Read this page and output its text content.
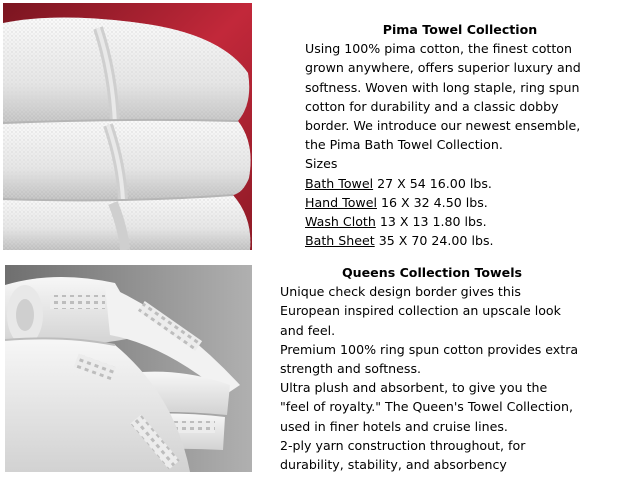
Pima Towel Collection
Using 100% pima cotton, the finest cotton
grown anywhere, offers superior luxury and
softness. Woven with long staple, ring spun
cotton for durability and a classic dobby
border. We introduce our newest ensemble,
the Pima Bath Towel Collection.
Sizes
Bath Towel 27 X 54 16.00 lbs.
Hand Towel 16 X 32 4.50 lbs.
Wash Cloth 13 X 13 1.80 lbs.
Bath Sheet 35 X 70 24.00 lbs.
Queens Collection Towels
Unique check design border gives this
European inspired collection an upscale look
and feel.
Premium 100% ring spun cotton provides extra
strength and softness.
Ultra plush and absorbent, to give you the
"feel of royalty." The Queen's Towel Collection,
used in finer hotels and cruise lines.
2-ply yarn construction throughout, for
durability, stability, and absorbency
